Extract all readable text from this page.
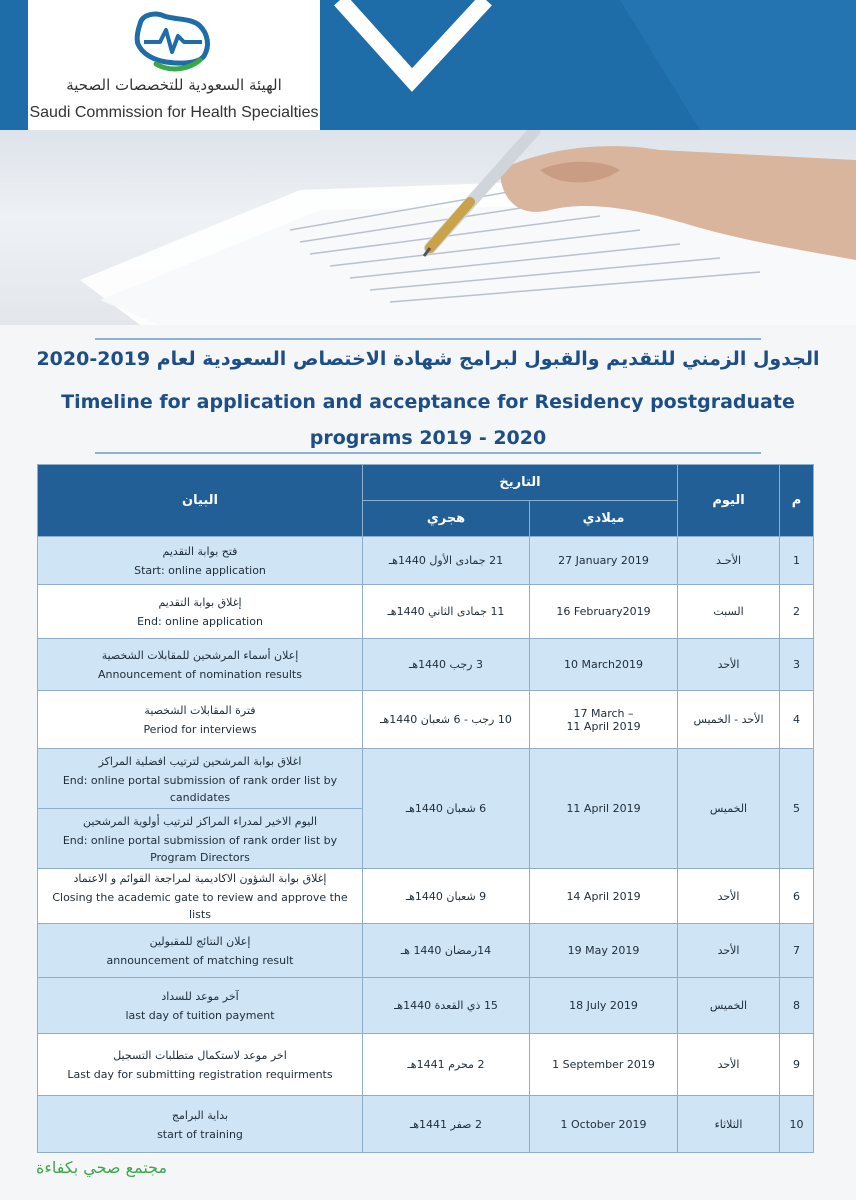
الهيئة السعودية للتخصصات الصحية
Saudi Commission for Health Specialties
الجدول الزمني للتقديم والقبول لبرامج شهادة الاختصاص السعودية لعام 2019-2020
Timeline for application and acceptance for Residency postgraduate
programs 2019 - 2020
م	اليوم	التاريخ		البيان
		ميلادي	هجري	
1	الأحـد	27 January 2019	21 جمادى الأول 1440هـ	فتح بوابة التقديم
Start: online application

2	السبت	16 February2019	11 جمادى الثاني 1440هـ	إغلاق بوابة التقديم
End: online application

3	الأحد	10 March2019	3 رجب 1440هـ	إعلان أسماء المرشحين للمقابلات الشخصية
Announcement of nomination results

4	الأحد - الخميس	17 March –
11 April 2019	10 رجب - 6 شعبان 1440هـ	فترة المقابلات الشخصية
Period for interviews

5	الخميس	11 April 2019	6 شعبان 1440هـ	اغلاق بوابة المرشحين لترتيب افضلية المراكز
End: online portal submission of rank order list by
candidates

				اليوم الاخير لمدراء المراكز لترتيب أولوية المرشحين
End: online portal submission of rank order list by
Program Directors

6	الأحد	14 April 2019	9 شعبان 1440هـ	إغلاق بوابة الشؤون الاكاديمية لمراجعة القوائم و الاعتماد
Closing the academic gate to review and approve the lists

7	الأحد	19 May 2019	14رمضان 1440 هـ	إعلان النتائج للمقبولين
announcement of matching result

8	الخميس	18 July 2019	15 ذي القعدة 1440هـ	آخر موعد للسداد
last day of tuition payment

9	الأحد	1 September 2019	2 محرم 1441هـ	اخر موعد لاستكمال متطلبات التسجيل
Last day for submitting registration requirments

10	الثلاثاء	1 October 2019	2 صفر 1441هـ	بداية البرامج
start of training
مجتمع صحي بكفاءة
